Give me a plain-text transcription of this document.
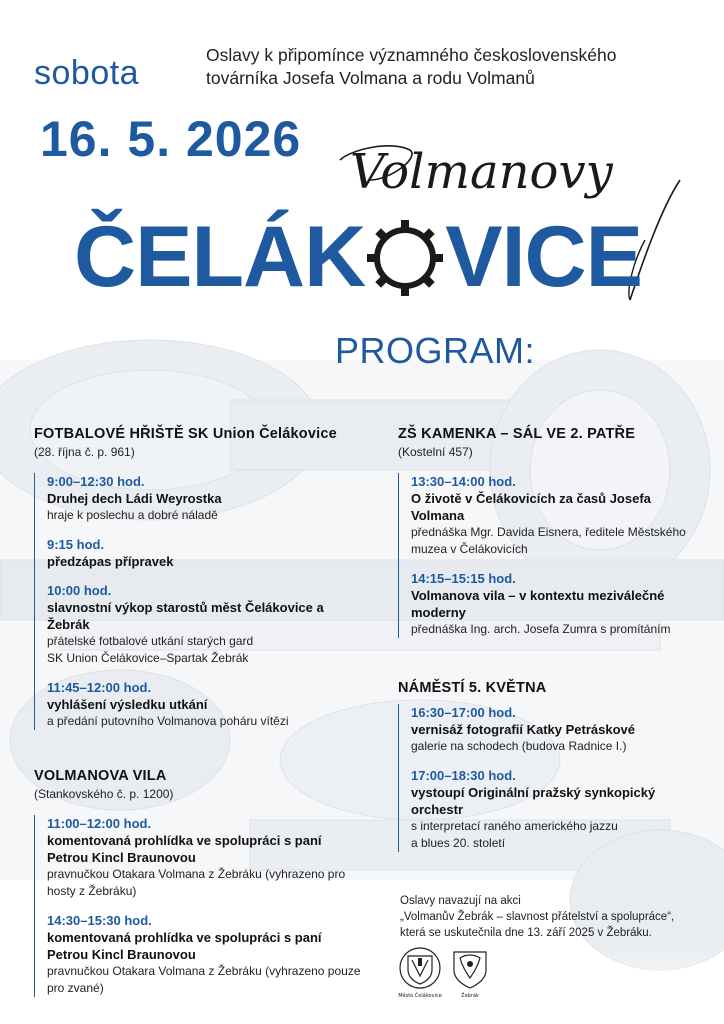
sobota	Oslavy k připomínce významného československého
továrníka Josefa Volmana a rodu Volmanů
16. 5. 2026
Volmanovy
ČELÁK VICE
PROGRAM:
FOTBALOVÉ HŘIŠTĚ SK Union Čelákovice
(28. října č. p. 961)
9:00–12:30 hod.
Druhej dech Ládi Weyrostka
hraje k poslechu a dobré náladě
9:15 hod.
předzápas přípravek
10:00 hod.
slavnostní výkop starostů měst Čelákovice a Žebrák
přátelské fotbalové utkání starých gard
SK Union Čelákovice–Spartak Žebrák
11:45–12:00 hod.
vyhlášení výsledku utkání
a předání putovního Volmanova poháru vítězi
VOLMANOVA VILA
(Stankovského č. p. 1200)
11:00–12:00 hod.
komentovaná prohlídka ve spolupráci s paní Petrou Kincl Braunovou
pravnučkou Otakara Volmana z Žebráku (vyhrazeno pro hosty z Žebráku)
14:30–15:30 hod.
komentovaná prohlídka ve spolupráci s paní Petrou Kincl Braunovou
pravnučkou Otakara Volmana z Žebráku (vyhrazeno pouze pro zvané)
ZŠ KAMENKA – SÁL VE 2. PATŘE
(Kostelní 457)
13:30–14:00 hod.
O životě v Čelákovicích za časů Josefa Volmana
přednáška Mgr. Davida Eisnera, ředitele Městského muzea v Čelákovicích
14:15–15:15 hod.
Volmanova vila – v kontextu meziválečné moderny
přednáška Ing. arch. Josefa Zumra s promítáním
NÁMĚSTÍ 5. KVĚTNA
16:30–17:00 hod.
vernisáž fotografií Katky Petráskové
galerie na schodech (budova Radnice I.)
17:00–18:30 hod.
vystoupí Originální pražský synkopický orchestr
s interpretací raného amerického jazzu
a blues 20. století
Oslavy navazují na akci
„Volmanův Žebrák – slavnost přátelství a spolupráce“,
která se uskutečnila dne 13. září 2025 v Žebráku.
Město Čelákovice	Žebrák
